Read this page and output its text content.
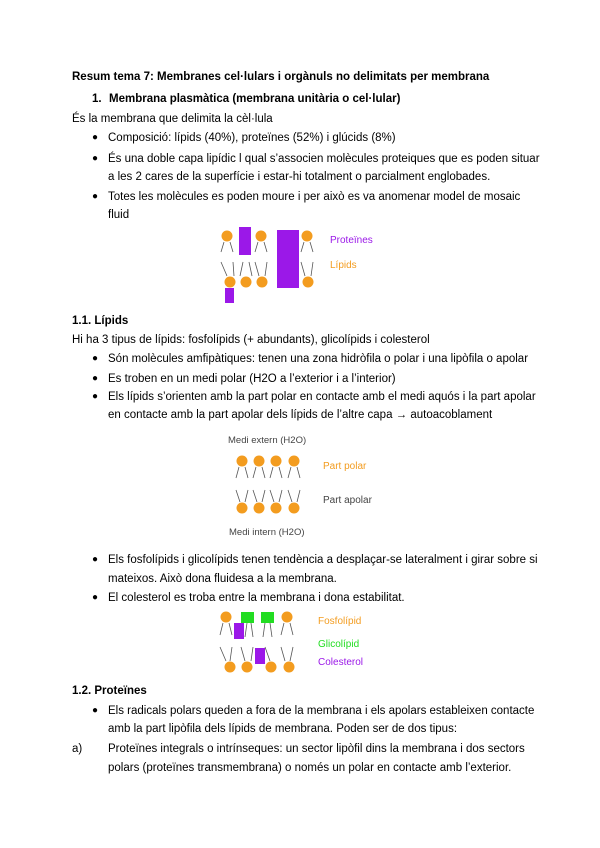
Resum tema 7: Membranes cel·lulars i orgànuls no delimitats per membrana
1. Membrana plasmàtica (membrana unitària o cel·lular)
És la membrana que delimita la cèl·lula
● Composició: lípids (40%), proteïnes (52%) i glúcids (8%)
● És una doble capa lipídic l qual s’associen molècules proteiques que es poden situar
a les 2 cares de la superfície i estar-hi totalment o parcialment englobades.
● Totes les molècules es poden moure i per això es va anomenar model de mosaic
fluid
Proteïnes
Lípids
1.1. Lípids
Hi ha 3 tipus de lípids: fosfolípids (+ abundants), glicolípids i colesterol
● Són molècules amfipàtiques: tenen una zona hidròfila o polar i una lipòfila o apolar
● Es troben en un medi polar (H2O a l’exterior i a l’interior)
● Els lípids s’orienten amb la part polar en contacte amb el medi aquós i la part apolar
en contacte amb la part apolar dels lípids de l’altre capa → autoacoblament
Medi extern (H2O)
Part polar
Part apolar
Medi intern (H2O)
● Els fosfolípids i glicolípids tenen tendència a desplaçar-se lateralment i girar sobre si
mateixos. Això dona fluidesa a la membrana.
● El colesterol es troba entre la membrana i dona estabilitat.
Fosfolípid
Glicolípid
Colesterol
1.2. Proteïnes
● Els radicals polars queden a fora de la membrana i els apolars estableixen contacte
amb la part lipòfila dels lípids de membrana. Poden ser de dos tipus:
a) Proteïnes integrals o intrínseques: un sector lipòfil dins la membrana i dos sectors
polars (proteïnes transmembrana) o només un polar en contacte amb l’exterior.
